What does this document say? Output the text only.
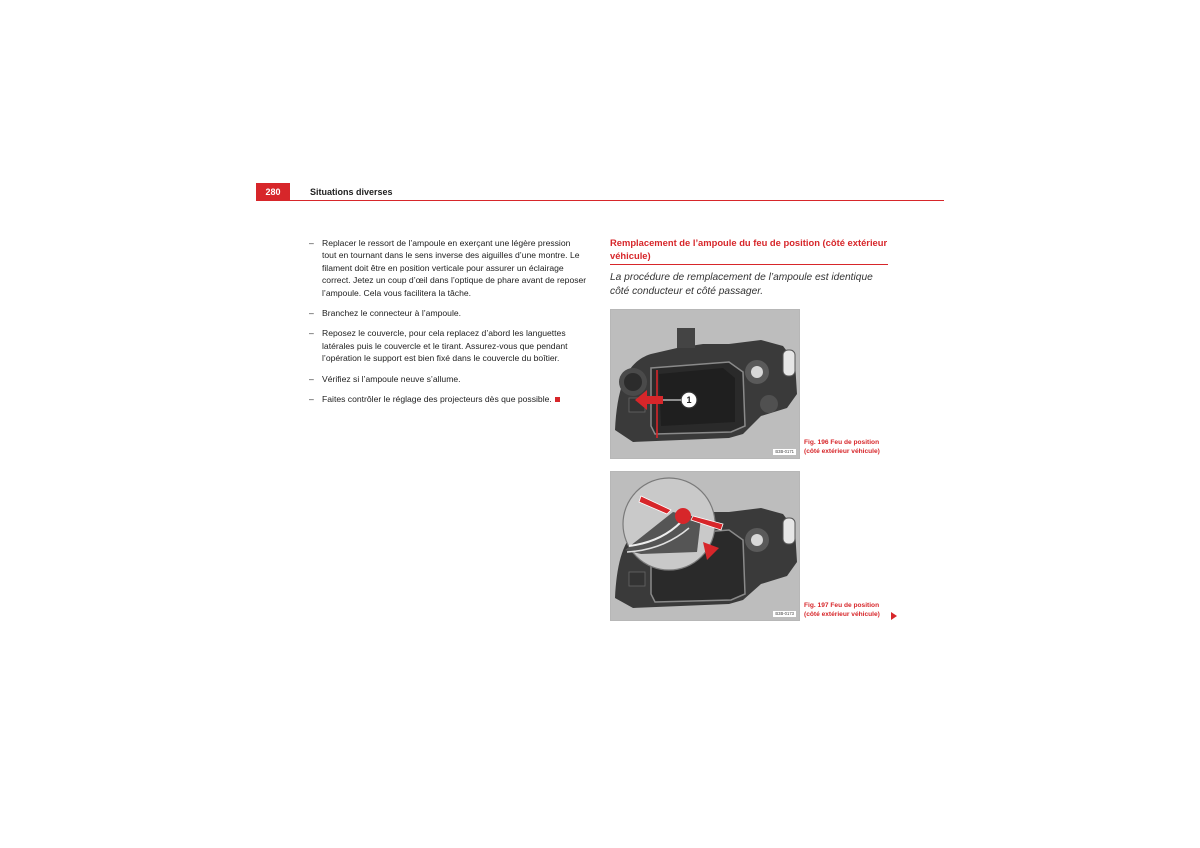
280	Situations diverses

– Replacer le ressort de l’ampoule en exerçant une légère pression tout en tournant dans le sens inverse des aiguilles d’une montre. Le filament doit être en position verticale pour assurer un éclairage correct. Jetez un coup d’œil dans l’optique de phare avant de reposer l’ampoule. Cela vous facilitera la tâche.

– Branchez le connecteur à l’ampoule.

– Reposez le couvercle, pour cela replacez d’abord les languettes latérales puis le couvercle et le tirant. Assurez-vous que pendant l’opération le support est bien fixé dans le couvercle du boîtier.

– Vérifiez si l’ampoule neuve s’allume.

– Faites contrôler le réglage des projecteurs dès que possible.

Remplacement de l’ampoule du feu de position (côté extérieur véhicule)
La procédure de remplacement de l’ampoule est identique côté conducteur et côté passager.
1
B3B-0171
Fig. 196 Feu de position
(côté extérieur véhicule)
B3B-0173
Fig. 197 Feu de position
(côté extérieur véhicule)
